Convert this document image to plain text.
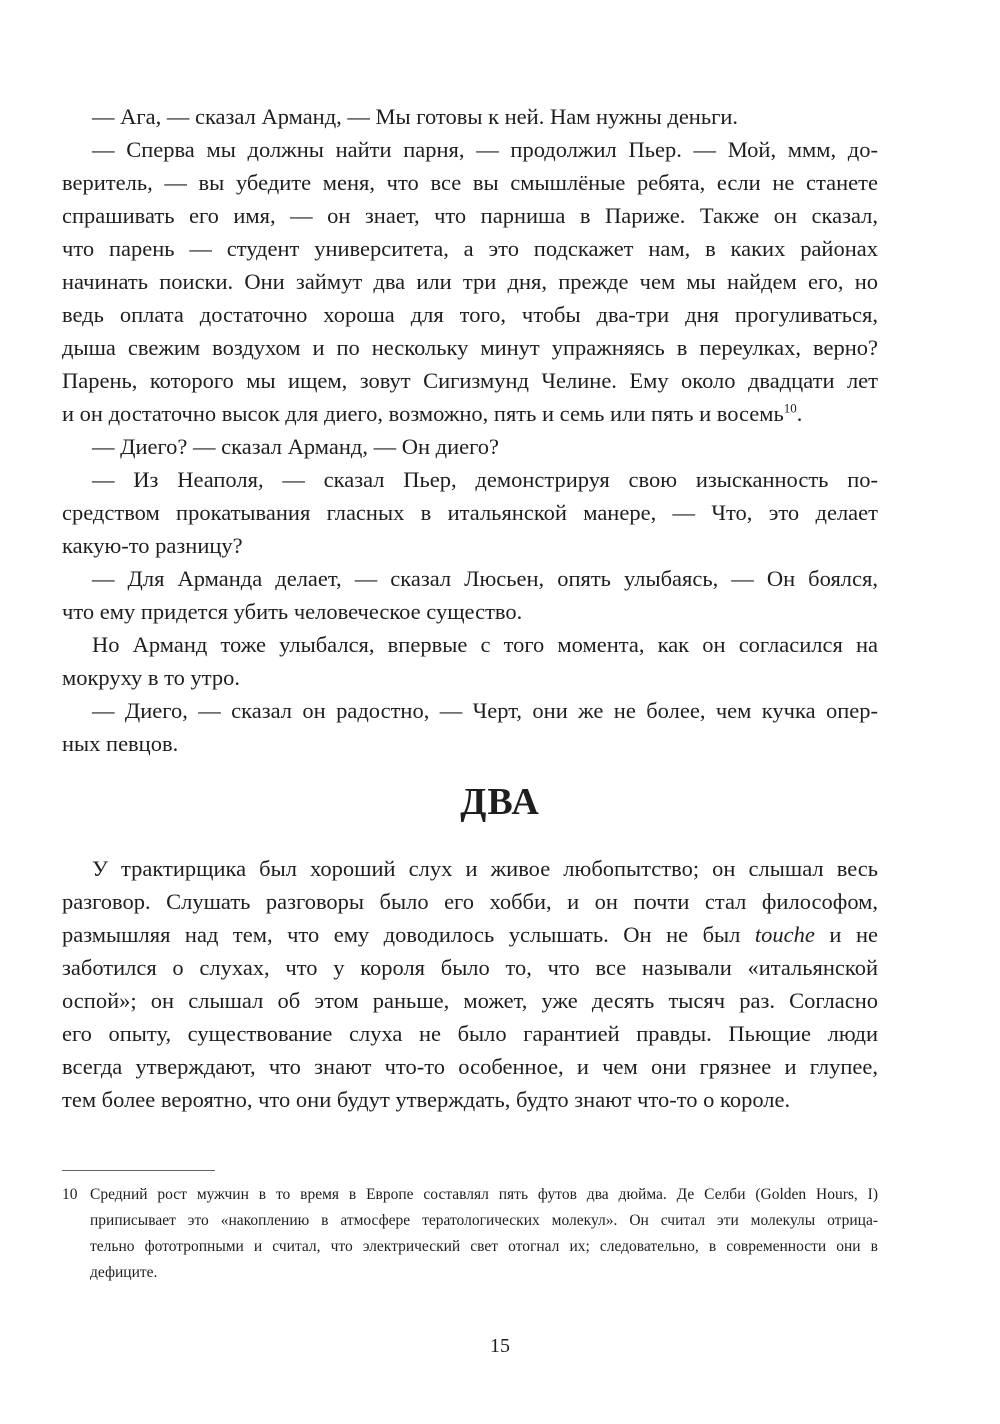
— Ага, — сказал Арманд, — Мы готовы к ней. Нам нужны деньги.
— Сперва мы должны найти парня, — продолжил Пьер. — Мой, ммм, до-
веритель, — вы убедите меня, что все вы смышлёные ребята, если не станете
спрашивать его имя, — он знает, что парниша в Париже. Также он сказал,
что парень — студент университета, а это подскажет нам, в каких районах
начинать поиски. Они займут два или три дня, прежде чем мы найдем его, но
ведь оплата достаточно хороша для того, чтобы два-три дня прогуливаться,
дыша свежим воздухом и по нескольку минут упражняясь в переулках, верно?
Парень, которого мы ищем, зовут Сигизмунд Челине. Ему около двадцати лет
и он достаточно высок для диего, возможно, пять и семь или пять и восемь$^{10}$.
— Диего? — сказал Арманд, — Он диего?
— Из Неаполя, — сказал Пьер, демонстрируя свою изысканность по-
средством прокатывания гласных в итальянской манере, — Что, это делает
какую-то разницу?
— Для Арманда делает, — сказал Люсьен, опять улыбаясь, — Он боялся,
что ему придется убить человеческое существо.
Но Арманд тоже улыбался, впервые с того момента, как он согласился на
мокруху в то утро.
— Диего, — сказал он радостно, — Черт, они же не более, чем кучка опер-
ных певцов.
ДВА
У трактирщика был хороший слух и живое любопытство; он слышал весь
разговор. Слушать разговоры было его хобби, и он почти стал философом,
размышляя над тем, что ему доводилось услышать. Он не был touche и не
заботился о слухах, что у короля было то, что все называли «итальянской
оспой»; он слышал об этом раньше, может, уже десять тысяч раз. Согласно
его опыту, существование слуха не было гарантией правды. Пьющие люди
всегда утверждают, что знают что-то особенное, и чем они грязнее и глупее,
тем более вероятно, что они будут утверждать, будто знают что-то о короле.
10 Средний рост мужчин в то время в Европе составлял пять футов два дюйма. Де Селби (Golden Hours, I)
приписывает это «накоплению в атмосфере тератологических молекул». Он считал эти молекулы отрица-
тельно фототропными и считал, что электрический свет отогнал их; следовательно, в современности они в
дефиците.
15
